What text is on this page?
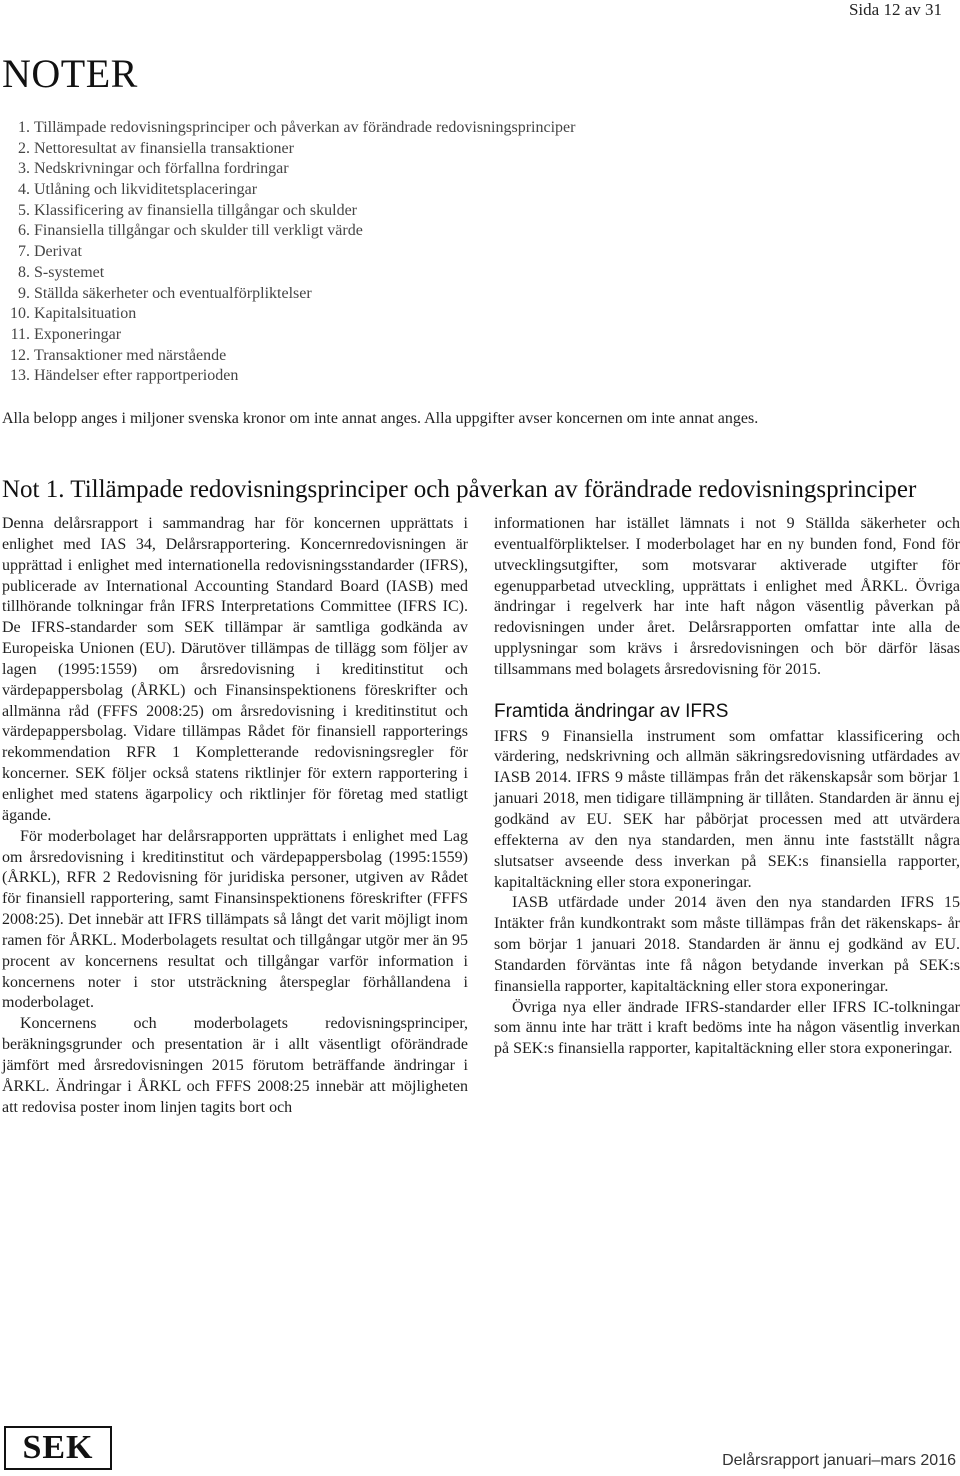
Sida 12 av 31
NOTER
1. Tillämpade redovisningsprinciper och påverkan av förändrade redovisningsprinciper
2. Nettoresultat av finansiella transaktioner
3. Nedskrivningar och förfallna fordringar
4. Utlåning och likviditetsplaceringar
5. Klassificering av finansiella tillgångar och skulder
6. Finansiella tillgångar och skulder till verkligt värde
7. Derivat
8. S-systemet
9. Ställda säkerheter och eventualförpliktelser
10. Kapitalsituation
11. Exponeringar
12. Transaktioner med närstående
13. Händelser efter rapportperioden

Alla belopp anges i miljoner svenska kronor om inte annat anges. Alla uppgifter avser koncernen om inte annat anges.

Not 1. Tillämpade redovisningsprinciper och påverkan av förändrade redovisningsprinciper

Denna delårsrapport i sammandrag har för koncernen upprättats i enlighet med IAS 34, Delårsrapportering. Koncernredovisningen är upprättad i enlighet med internationella redovisningsstandarder (IFRS), publicerade av International Accounting Standard Board (IASB) med tillhörande tolkningar från IFRS Interpretations Committee (IFRS IC). De IFRS-standarder som SEK tillämpar är samtliga godkända av Europeiska Unionen (EU). Därutöver tillämpas de tillägg som följer av lagen (1995:1559) om årsredovisning i kreditinstitut och värdepappersbolag (ÅRKL) och Finansinspektionens föreskrifter och allmänna råd (FFFS 2008:25) om årsredovisning i kreditinstitut och värdepappersbolag. Vidare tillämpas Rådet för finansiell rapporterings rekommendation RFR 1 Kompletterande redovisningsregler för koncerner. SEK följer också statens riktlinjer för extern rapportering i enlighet med statens ägarpolicy och riktlinjer för företag med statligt ägande.

För moderbolaget har delårsrapporten upprättats i enlighet med Lag om årsredovisning i kreditinstitut och värdepappersbolag (1995:1559) (ÅRKL), RFR 2 Redovisning för juridiska personer, utgiven av Rådet för finansiell rapportering, samt Finansinspektionens föreskrifter (FFFS 2008:25). Det innebär att IFRS tillämpats så långt det varit möjligt inom ramen för ÅRKL. Moderbolagets resultat och tillgångar utgör mer än 95 procent av koncernens resultat och tillgångar varför information i koncernens noter i stor utsträckning återspeglar förhållandena i moderbolaget.

Koncernens och moderbolagets redovisningsprinciper, beräkningsgrunder och presentation är i allt väsentligt oförändrade jämfört med årsredovisningen 2015 förutom beträffande ändringar i ÅRKL. Ändringar i ÅRKL och FFFS 2008:25 innebär att möjligheten att redovisa poster inom linjen tagits bort och

informationen har istället lämnats i not 9 Ställda säkerheter och eventualförpliktelser. I moderbolaget har en ny bunden fond, Fond för utvecklingsutgifter, som motsvarar aktiverade utgifter för egenupparbetad utveckling, upprättats i enlighet med ÅRKL. Övriga ändringar i regelverk har inte haft någon väsentlig påverkan på redovisningen under året. Delårsrapporten omfattar inte alla de upplysningar som krävs i årsredovisningen och bör därför läsas tillsammans med bolagets årsredovisning för 2015.

Framtida ändringar av IFRS

IFRS 9 Finansiella instrument som omfattar klassificering och värdering, nedskrivning och allmän säkringsredovisning utfärdades av IASB 2014. IFRS 9 måste tillämpas från det räkenskapsår som börjar 1 januari 2018, men tidigare tillämpning är tillåten. Standarden är ännu ej godkänd av EU. SEK har påbörjat processen med att utvärdera effekterna av den nya standarden, men ännu inte fastställt några slutsatser avseende dess inverkan på SEK:s finansiella rapporter, kapitaltäckning eller stora exponeringar.

IASB utfärdade under 2014 även den nya standarden IFRS 15 Intäkter från kundkontrakt som måste tillämpas från det räkenskaps- år som börjar 1 januari 2018. Standarden är ännu ej godkänd av EU. Standarden förväntas inte få någon betydande inverkan på SEK:s finansiella rapporter, kapitaltäckning eller stora exponeringar.

Övriga nya eller ändrade IFRS-standarder eller IFRS IC-tolkningar som ännu inte har trätt i kraft bedöms inte ha någon väsentlig inverkan på SEK:s finansiella rapporter, kapitaltäckning eller stora exponeringar.

SEK	Delårsrapport januari–mars 2016
